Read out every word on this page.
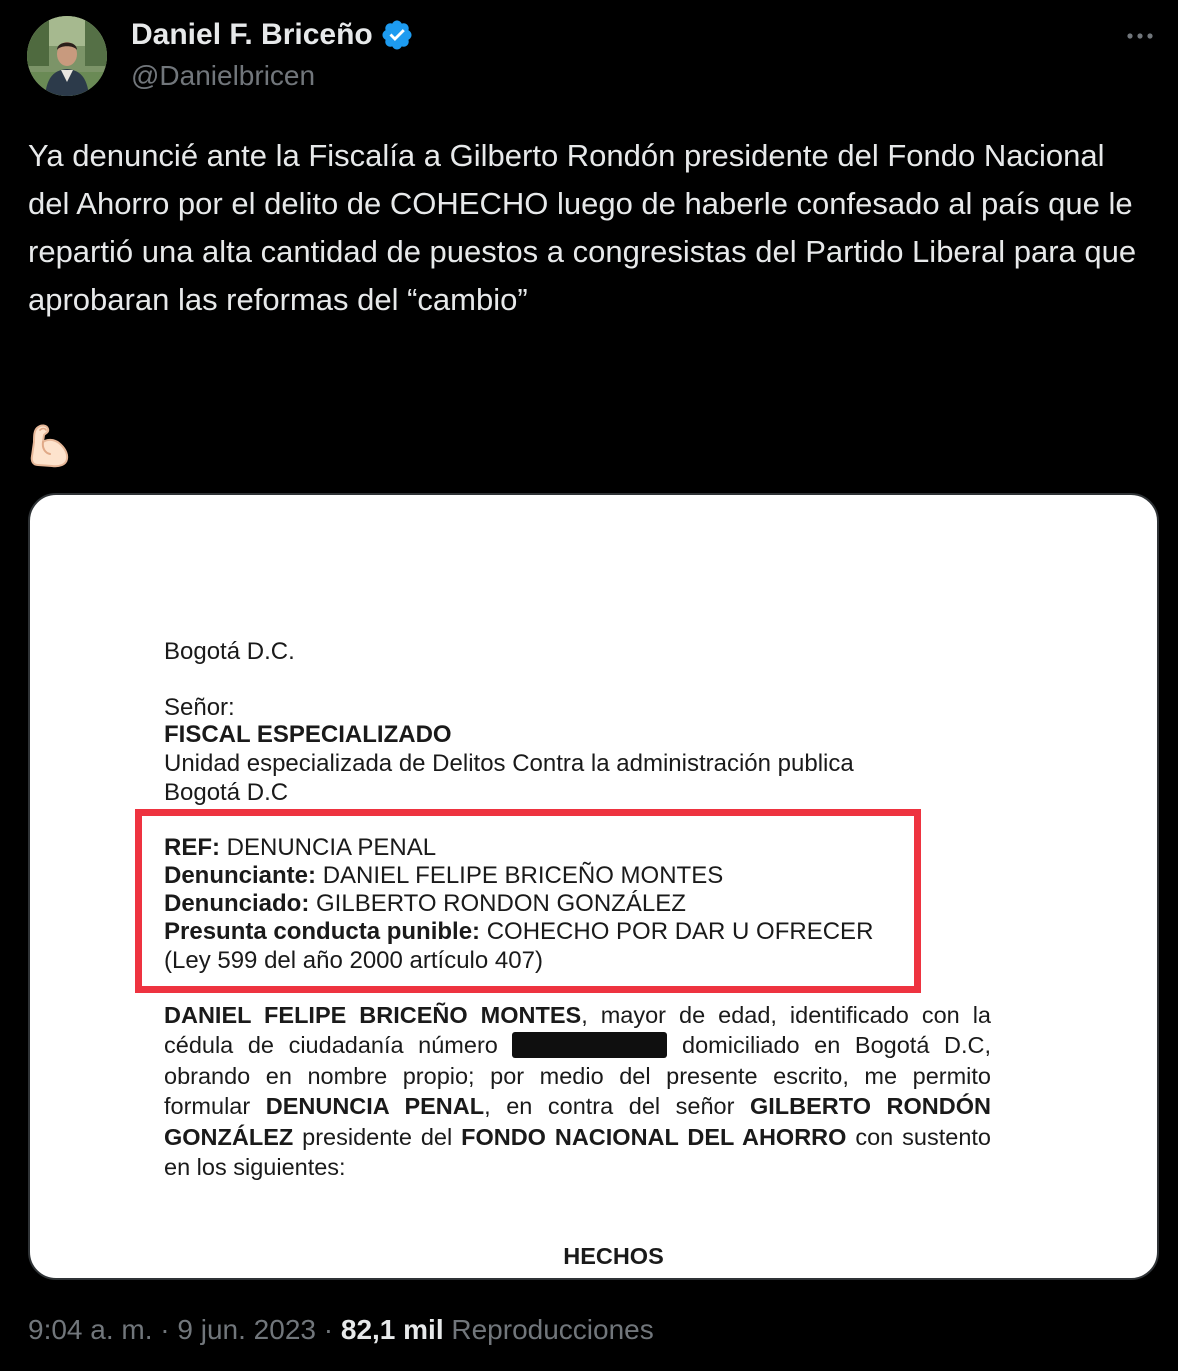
Daniel F. Briceño
@Danielbricen

Ya denuncié ante la Fiscalía a Gilberto Rondón presidente del Fondo Nacional del Ahorro por el delito de COHECHO luego de haberle confesado al país que le repartió una alta cantidad de puestos a congresistas del Partido Liberal para que aprobaran las reformas del “cambio”

Bogotá D.C.
Señor:
FISCAL ESPECIALIZADO
Unidad especializada de Delitos Contra la administración publica
Bogotá D.C
REF: DENUNCIA PENAL
Denunciante: DANIEL FELIPE BRICEÑO MONTES
Denunciado: GILBERTO RONDON GONZÁLEZ
Presunta conducta punible: COHECHO POR DAR U OFRECER
(Ley 599 del año 2000 artículo 407)
DANIEL FELIPE BRICEÑO MONTES, mayor de edad, identificado con la cédula de ciudadanía número	domiciliado en Bogotá D.C, obrando en nombre propio; por medio del presente escrito, me permito formular DENUNCIA PENAL, en contra del señor GILBERTO RONDÓN GONZÁLEZ presidente del FONDO NACIONAL DEL AHORRO con sustento en los siguientes:
HECHOS
9:04 a. m. · 9 jun. 2023 · 82,1 mil Reproducciones
